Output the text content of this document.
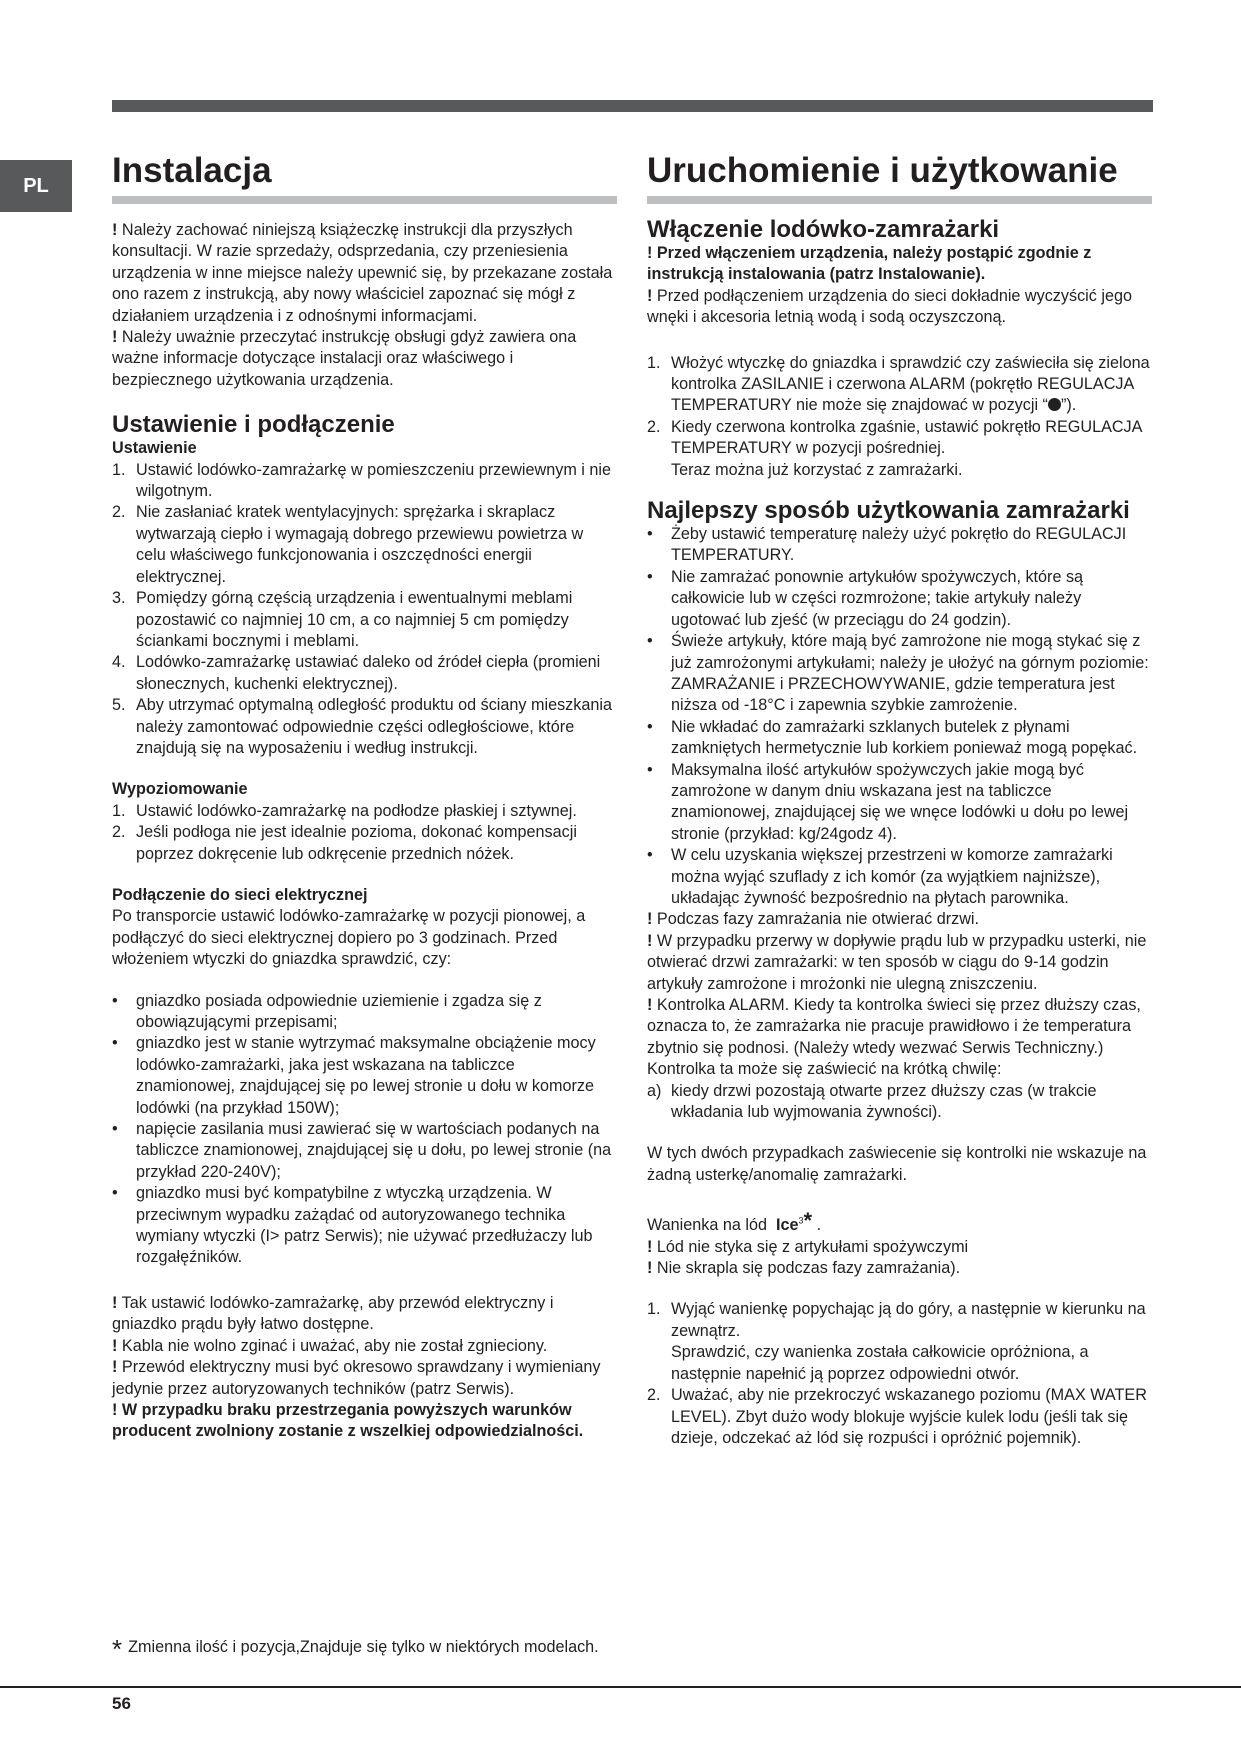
PL	Instalacja

! Należy zachować niniejszą książeczkę instrukcji dla przyszłych konsultacji. W razie sprzedaży, odsprzedania, czy przeniesienia urządzenia w inne miejsce należy upewnić się, by przekazane została ono razem z instrukcją, aby nowy właściciel zapoznać się mógł z działaniem urządzenia i z odnośnymi informacjami.

! Należy uważnie przeczytać instrukcję obsługi gdyż zawiera ona ważne informacje dotyczące instalacji oraz właściwego i bezpiecznego użytkowania urządzenia.

Ustawienie i podłączenie

Ustawienie

1. Ustawić lodówko-zamrażarkę w pomieszczeniu przewiewnym i nie wilgotnym.
2. Nie zasłaniać kratek wentylacyjnych: sprężarka i skraplacz wytwarzają ciepło i wymagają dobrego przewiewu powietrza w celu właściwego funkcjonowania i oszczędności energii elektrycznej.
3. Pomiędzy górną częścią urządzenia i ewentualnymi meblami pozostawić co najmniej 10 cm, a co najmniej 5 cm pomiędzy ściankami bocznymi i meblami.
4. Lodówko-zamrażarkę ustawiać daleko od źródeł ciepła (promieni słonecznych, kuchenki elektrycznej).
5. Aby utrzymać optymalną odległość produktu od ściany mieszkania należy zamontować odpowiednie części odległościowe, które znajdują się na wyposażeniu i według instrukcji.

Wypoziomowanie

1. Ustawić lodówko-zamrażarkę na podłodze płaskiej i sztywnej.
2. Jeśli podłoga nie jest idealnie pozioma, dokonać kompensacji poprzez dokręcenie lub odkręcenie przednich nóżek.

Podłączenie do sieci elektrycznej

Po transporcie ustawić lodówko-zamrażarkę w pozycji pionowej, a podłączyć do sieci elektrycznej dopiero po 3 godzinach. Przed włożeniem wtyczki do gniazdka sprawdzić, czy:

• gniazdko posiada odpowiednie uziemienie i zgadza się z obowiązującymi przepisami;
• gniazdko jest w stanie wytrzymać maksymalne obciążenie mocy lodówko-zamrażarki, jaka jest wskazana na tabliczce znamionowej, znajdującej się po lewej stronie u dołu w komorze lodówki (na przykład 150W);
• napięcie zasilania musi zawierać się w wartościach podanych na tabliczce znamionowej, znajdującej się u dołu, po lewej stronie (na przykład 220-240V);
• gniazdko musi być kompatybilne z wtyczką urządzenia. W przeciwnym wypadku zażądać od autoryzowanego technika wymiany wtyczki (I> patrz Serwis); nie używać przedłużaczy lub rozgałęźników.

! Tak ustawić lodówko-zamrażarkę, aby przewód elektryczny i gniazdko prądu były łatwo dostępne.

! Kabla nie wolno zginać i uważać, aby nie został zgnieciony.

! Przewód elektryczny musi być okresowo sprawdzany i wymieniany jedynie przez autoryzowanych techników (patrz Serwis).

! W przypadku braku przestrzegania powyższych warunków producent zwolniony zostanie z wszelkiej odpowiedzialności.

Uruchomienie i użytkowanie
Włączenie lodówko-zamrażarki

! Przed włączeniem urządzenia, należy postąpić zgodnie z instrukcją instalowania (patrz Instalowanie).

! Przed podłączeniem urządzenia do sieci dokładnie wyczyścić jego wnęki i akcesoria letnią wodą i sodą oczyszczoną.

1. Włożyć wtyczkę do gniazdka i sprawdzić czy zaświeciła się zielona kontrolka ZASILANIE i czerwona ALARM (pokrętło REGULACJA TEMPERATURY nie może się znajdować w pozycji “ ”).
2. Kiedy czerwona kontrolka zgaśnie, ustawić pokrętło REGULACJA TEMPERATURY w pozycji pośredniej.
Teraz można już korzystać z zamrażarki.
Najlepszy sposób użytkowania zamrażarki
• Żeby ustawić temperaturę należy użyć pokrętło do REGULACJI TEMPERATURY.
• Nie zamrażać ponownie artykułów spożywczych, które są całkowicie lub w części rozmrożone; takie artykuły należy ugotować lub zjeść (w przeciągu do 24 godzin).
• Świeże artykuły, które mają być zamrożone nie mogą stykać się z już zamrożonymi artykułami; należy je ułożyć na górnym poziomie: ZAMRAŻANIE i PRZECHOWYWANIE, gdzie temperatura jest niższa od -18°C i zapewnia szybkie zamrożenie.
• Nie wkładać do zamrażarki szklanych butelek z płynami zamkniętych hermetycznie lub korkiem ponieważ mogą popękać.
• Maksymalna ilość artykułów spożywczych jakie mogą być zamrożone w danym dniu wskazana jest na tabliczce znamionowej, znajdującej się we wnęce lodówki u dołu po lewej stronie (przykład: kg/24godz 4).
• W celu uzyskania większej przestrzeni w komorze zamrażarki można wyjąć szuflady z ich komór (za wyjątkiem najniższe), układając żywność bezpośrednio na płytach parownika.

! Podczas fazy zamrażania nie otwierać drzwi.

! W przypadku przerwy w dopływie prądu lub w przypadku usterki, nie otwierać drzwi zamrażarki: w ten sposób w ciągu do 9-14 godzin artykuły zamrożone i mrożonki nie ulegną zniszczeniu.

! Kontrolka ALARM. Kiedy ta kontrolka świeci się przez dłuższy czas, oznacza to, że zamrażarka nie pracuje prawidłowo i że temperatura zbytnio się podnosi. (Należy wtedy wezwać Serwis Techniczny.)

Kontrolka ta może się zaświecić na krótką chwilę:

a) kiedy drzwi pozostają otwarte przez dłuższy czas (w trakcie wkładania lub wyjmowania żywności).

W tych dwóch przypadkach zaświecenie się kontrolki nie wskazuje na żadną usterkę/anomalię zamrażarki.

Wanienka na lód Ice$^3$* .

! Lód nie styka się z artykułami spożywczymi

! Nie skrapla się podczas fazy zamrażania).

1. Wyjąć wanienkę popychając ją do góry, a następnie w kierunku na zewnątrz.
Sprawdzić, czy wanienka została całkowicie opróżniona, a następnie napełnić ją poprzez odpowiedni otwór.
2. Uważać, aby nie przekroczyć wskazanego poziomu (MAX WATER LEVEL). Zbyt dużo wody blokuje wyjście kulek lodu (jeśli tak się dzieje, odczekać aż lód się rozpuści i opróżnić pojemnik).
* Zmienna ilość i pozycja,Znajduje się tylko w niektórych modelach.
56
